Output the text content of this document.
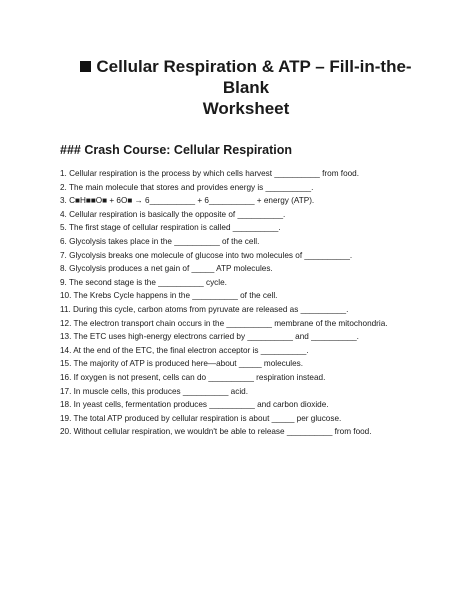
Cellular Respiration & ATP – Fill-in-the-Blank
Worksheet
### Crash Course: Cellular Respiration
1. Cellular respiration is the process by which cells harvest __________ from food.
2. The main molecule that stores and provides energy is __________.
3. C■H■■O■ + 6O■ → 6__________ + 6__________ + energy (ATP).
4. Cellular respiration is basically the opposite of __________.
5. The first stage of cellular respiration is called __________.
6. Glycolysis takes place in the __________ of the cell.
7. Glycolysis breaks one molecule of glucose into two molecules of __________.
8. Glycolysis produces a net gain of _____ ATP molecules.
9. The second stage is the __________ cycle.
10. The Krebs Cycle happens in the __________ of the cell.
11. During this cycle, carbon atoms from pyruvate are released as __________.
12. The electron transport chain occurs in the __________ membrane of the mitochondria.
13. The ETC uses high-energy electrons carried by __________ and __________.
14. At the end of the ETC, the final electron acceptor is __________.
15. The majority of ATP is produced here—about _____ molecules.
16. If oxygen is not present, cells can do __________ respiration instead.
17. In muscle cells, this produces __________ acid.
18. In yeast cells, fermentation produces __________ and carbon dioxide.
19. The total ATP produced by cellular respiration is about _____ per glucose.
20. Without cellular respiration, we wouldn't be able to release __________ from food.
